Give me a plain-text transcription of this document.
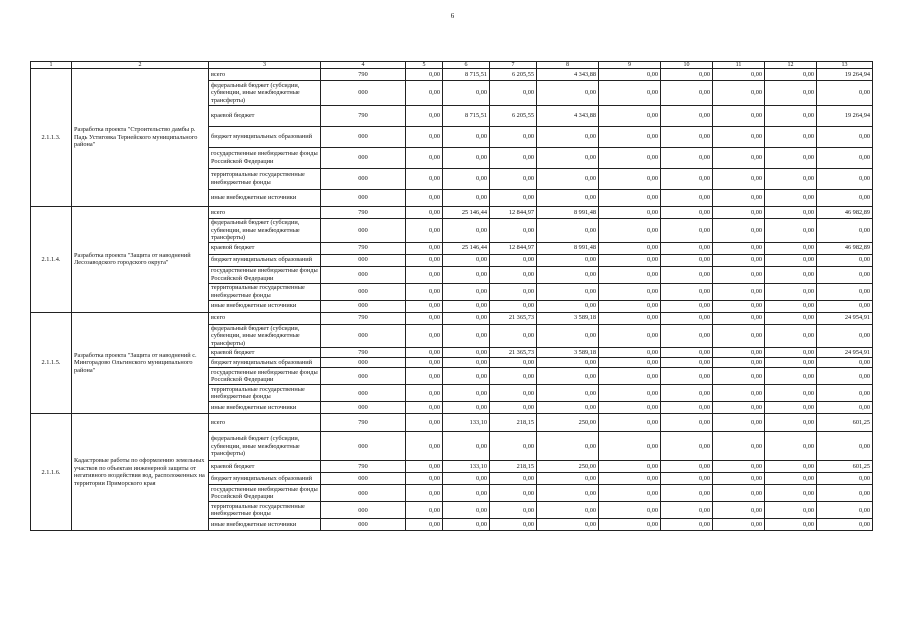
6
1	2	3	4	5	6	7	8	9	10	11	12	13
2.1.1.3.	Разработка проекта "Строительство дамбы р. Падь Устиговка Тернейского муниципального района"	всего	790	0,00	8 715,51	6 205,55	4 343,88	0,00	0,00	0,00	0,00	19 264,94
		федеральный бюджет (субсидии, субвенции, иные межбюджетные трансферты)	000	0,00	0,00	0,00	0,00	0,00	0,00	0,00	0,00	0,00
		краевой бюджет	790	0,00	8 715,51	6 205,55	4 343,88	0,00	0,00	0,00	0,00	19 264,94
		бюджет муниципальных образований	000	0,00	0,00	0,00	0,00	0,00	0,00	0,00	0,00	0,00
		государственные внебюджетные фонды Российской Федерации	000	0,00	0,00	0,00	0,00	0,00	0,00	0,00	0,00	0,00
		территориальные государственные внебюджетные фонды	000	0,00	0,00	0,00	0,00	0,00	0,00	0,00	0,00	0,00
		иные внебюджетные источники	000	0,00	0,00	0,00	0,00	0,00	0,00	0,00	0,00	0,00
2.1.1.4.	Разработка проекта "Защита от наводнений Лесозаводского городского округа"	всего	790	0,00	25 146,44	12 844,97	8 991,48	0,00	0,00	0,00	0,00	46 982,89
		федеральный бюджет (субсидии, субвенции, иные межбюджетные трансферты)	000	0,00	0,00	0,00	0,00	0,00	0,00	0,00	0,00	0,00
		краевой бюджет	790	0,00	25 146,44	12 844,97	8 991,48	0,00	0,00	0,00	0,00	46 982,89
		бюджет муниципальных образований	000	0,00	0,00	0,00	0,00	0,00	0,00	0,00	0,00	0,00
		государственные внебюджетные фонды Российской Федерации	000	0,00	0,00	0,00	0,00	0,00	0,00	0,00	0,00	0,00
		территориальные государственные внебюджетные фонды	000	0,00	0,00	0,00	0,00	0,00	0,00	0,00	0,00	0,00
		иные внебюджетные источники	000	0,00	0,00	0,00	0,00	0,00	0,00	0,00	0,00	0,00
2.1.1.5.	Разработка проекта "Защита от наводнений с. Мингорадово Ольгинского муниципального района"	всего	790	0,00	0,00	21 365,73	3 589,18	0,00	0,00	0,00	0,00	24 954,91
		федеральный бюджет (субсидии, субвенции, иные межбюджетные трансферты)	000	0,00	0,00	0,00	0,00	0,00	0,00	0,00	0,00	0,00
		краевой бюджет	790	0,00	0,00	21 365,73	3 589,18	0,00	0,00	0,00	0,00	24 954,91
		бюджет муниципальных образований	000	0,00	0,00	0,00	0,00	0,00	0,00	0,00	0,00	0,00
		государственные внебюджетные фонды Российской Федерации	000	0,00	0,00	0,00	0,00	0,00	0,00	0,00	0,00	0,00
		территориальные государственные внебюджетные фонды	000	0,00	0,00	0,00	0,00	0,00	0,00	0,00	0,00	0,00
		иные внебюджетные источники	000	0,00	0,00	0,00	0,00	0,00	0,00	0,00	0,00	0,00
2.1.1.6.	Кадастровые работы по оформлению земельных участков по объектам инженерной защиты от негативного воздействия вод, расположенных на территории Приморского края	всего	790	0,00	133,10	218,15	250,00	0,00	0,00	0,00	0,00	601,25
		федеральный бюджет (субсидии, субвенции, иные межбюджетные трансферты)	000	0,00	0,00	0,00	0,00	0,00	0,00	0,00	0,00	0,00
		краевой бюджет	790	0,00	133,10	218,15	250,00	0,00	0,00	0,00	0,00	601,25
		бюджет муниципальных образований	000	0,00	0,00	0,00	0,00	0,00	0,00	0,00	0,00	0,00
		государственные внебюджетные фонды Российской Федерации	000	0,00	0,00	0,00	0,00	0,00	0,00	0,00	0,00	0,00
		территориальные государственные внебюджетные фонды	000	0,00	0,00	0,00	0,00	0,00	0,00	0,00	0,00	0,00
		иные внебюджетные источники	000	0,00	0,00	0,00	0,00	0,00	0,00	0,00	0,00	0,00
